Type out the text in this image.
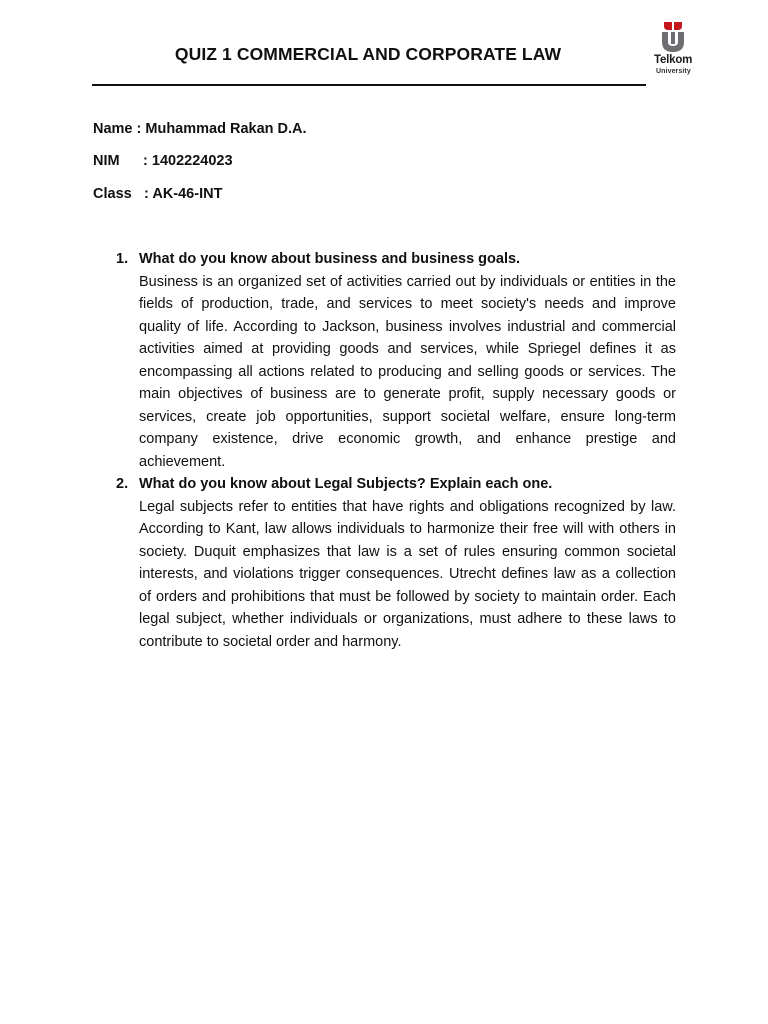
QUIZ 1 COMMERCIAL AND CORPORATE LAW	Telkom
University
Name : Muhammad Rakan D.A.
NIM : 1402224023
Class : AK-46-INT
1. What do you know about business and business goals.
Business is an organized set of activities carried out by individuals or entities in the fields of production, trade, and services to meet society's needs and improve quality of life. According to Jackson, business involves industrial and commercial activities aimed at providing goods and services, while Spriegel defines it as encompassing all actions related to producing and selling goods or services. The main objectives of business are to generate profit, supply necessary goods or services, create job opportunities, support societal welfare, ensure long-term company existence, drive economic growth, and enhance prestige and achievement.
2. What do you know about Legal Subjects? Explain each one.
Legal subjects refer to entities that have rights and obligations recognized by law. According to Kant, law allows individuals to harmonize their free will with others in society. Duquit emphasizes that law is a set of rules ensuring common societal interests, and violations trigger consequences. Utrecht defines law as a collection of orders and prohibitions that must be followed by society to maintain order. Each legal subject, whether individuals or organizations, must adhere to these laws to contribute to societal order and harmony.
